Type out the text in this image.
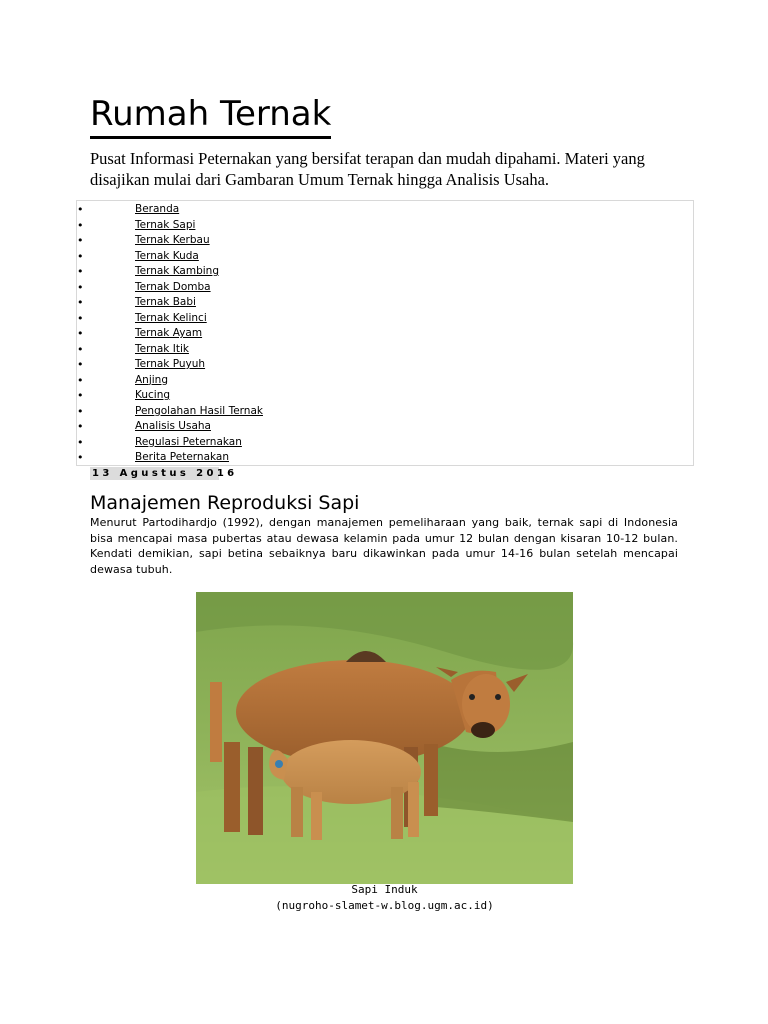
Rumah Ternak

Pusat Informasi Peternakan yang bersifat terapan dan mudah dipahami. Materi yang disajikan mulai dari Gambaran Umum Ternak hingga Analisis Usaha.

•	Beranda
•	Ternak Sapi
•	Ternak Kerbau
•	Ternak Kuda
•	Ternak Kambing
•	Ternak Domba
•	Ternak Babi
•	Ternak Kelinci
•	Ternak Ayam
•	Ternak Itik
•	Ternak Puyuh
•	Anjing
•	Kucing
•	Pengolahan Hasil Ternak
•	Analisis Usaha
•	Regulasi Peternakan
•	Berita Peternakan
13 Agustus 2016
Manajemen Reproduksi Sapi

Menurut Partodihardjo (1992), dengan manajemen pemeliharaan yang baik, ternak sapi di Indonesia bisa mencapai masa pubertas atau dewasa kelamin pada umur 12 bulan dengan kisaran 10-12 bulan. Kendati demikian, sapi betina sebaiknya baru dikawinkan pada umur 14-16 bulan setelah mencapai dewasa tubuh.

Sapi Induk
(nugroho-slamet-w.blog.ugm.ac.id)
